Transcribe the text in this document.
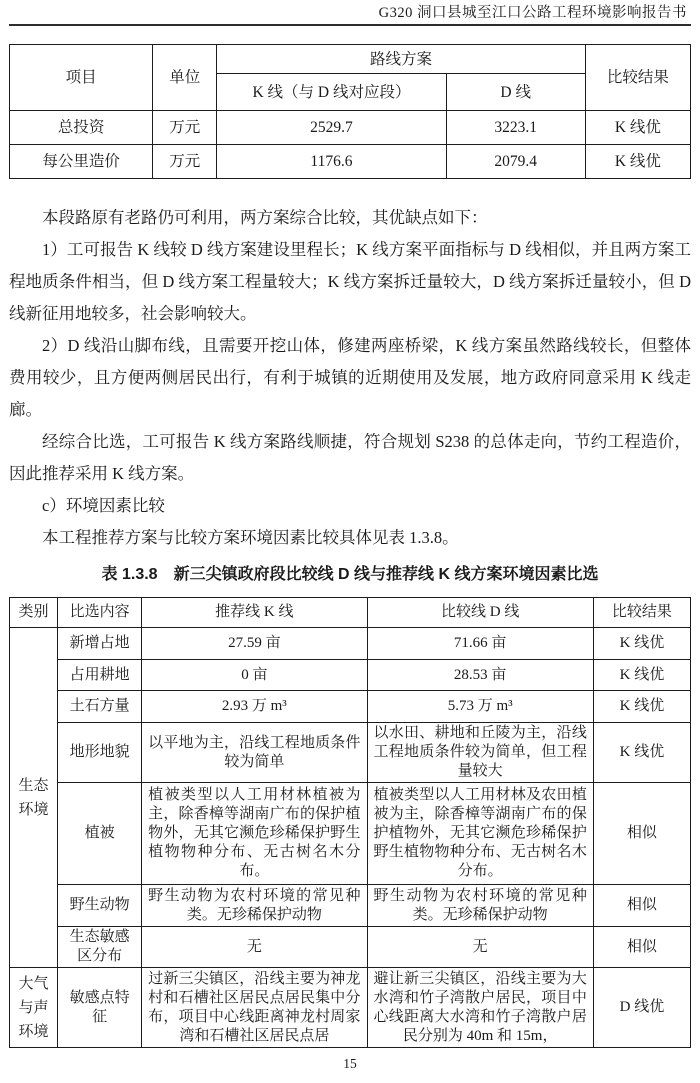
G320 洞口县城至江口公路工程环境影响报告书
项目	单位	路线方案		比较结果
		K 线（与 D 线对应段）	D 线	
总投资	万元	2529.7	3223.1	K 线优
每公里造价	万元	1176.6	2079.4	K 线优

本段路原有老路仍可利用，两方案综合比较，其优缺点如下：

1）工可报告 K 线较 D 线方案建设里程长；K 线方案平面指标与 D 线相似，并且两方案工程地质条件相当，但 D 线方案工程量较大；K 线方案拆迁量较大，D 线方案拆迁量较小，但 D 线新征用地较多，社会影响较大。

2）D 线沿山脚布线，且需要开挖山体，修建两座桥梁，K 线方案虽然路线较长，但整体费用较少，且方便两侧居民出行，有利于城镇的近期使用及发展，地方政府同意采用 K 线走廊。

经综合比选，工可报告 K 线方案路线顺捷，符合规划 S238 的总体走向，节约工程造价，因此推荐采用 K 线方案。

c）环境因素比较

本工程推荐方案与比较方案环境因素比较具体见表 1.3.8。

表 1.3.8　新三尖镇政府段比较线 D 线与推荐线 K 线方案环境因素比选
类别	比选内容	推荐线 K 线	比较线 D 线	比较结果
生态环境	新增占地	27.59 亩	71.66 亩	K 线优
	占用耕地	0 亩	28.53 亩	K 线优
	土石方量	2.93 万 m³	5.73 万 m³	K 线优
	地形地貌	以平地为主，沿线工程地质条件较为简单	以水田、耕地和丘陵为主，沿线工程地质条件较为简单，但工程量较大	K 线优
	植被	植被类型以人工用材林植被为主，除香樟等湖南广布的保护植物外，无其它濒危珍稀保护野生植物物种分布、无古树名木分布。	植被类型以人工用材林及农田植被为主，除香樟等湖南广布的保护植物外，无其它濒危珍稀保护野生植物物种分布、无古树名木分布。	相似
	野生动物	野生动物为农村环境的常见种类。无珍稀保护动物	野生动物为农村环境的常见种类。无珍稀保护动物	相似
	生态敏感区分布	无	无	相似
大气与声环境	敏感点特征	过新三尖镇区，沿线主要为神龙村和石槽社区居民点居民集中分布，项目中心线距离神龙村周家湾和石槽社区居民点居	避让新三尖镇区，沿线主要为大水湾和竹子湾散户居民，项目中心线距离大水湾和竹子湾散户居民分别为 40m 和 15m，	D 线优
15
